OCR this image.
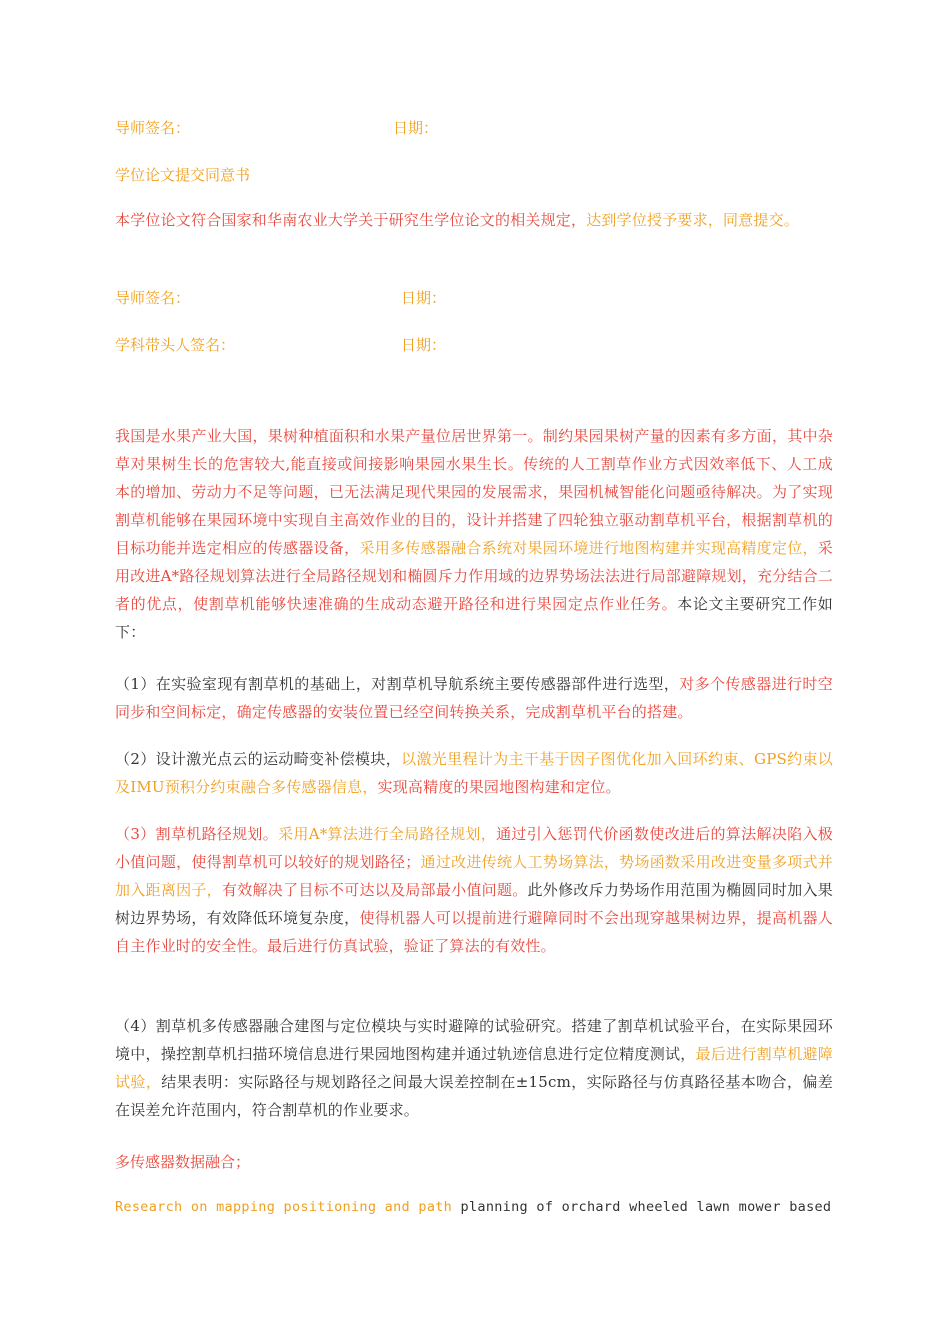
导师签名：	日期：
学位论文提交同意书
本学位论文符合国家和华南农业大学关于研究生学位论文的相关规定，达到学位授予要求，同意提交。
导师签名：	日期：
学科带头人签名：	日期：
我国是水果产业大国，果树种植面积和水果产量位居世界第一。制约果园果树产量的因素有多方面，其中杂草对果树生长的危害较大,能直接或间接影响果园水果生长。传统的人工割草作业方式因效率低下、人工成本的增加、劳动力不足等问题，已无法满足现代果园的发展需求，果园机械智能化问题亟待解决。为了实现割草机能够在果园环境中实现自主高效作业的目的，设计并搭建了四轮独立驱动割草机平台，根据割草机的目标功能并选定相应的传感器设备，采用多传感器融合系统对果园环境进行地图构建并实现高精度定位，采用改进A*路径规划算法进行全局路径规划和椭圆斥力作用域的边界势场法法进行局部避障规划，充分结合二者的优点，使割草机能够快速准确的生成动态避开路径和进行果园定点作业任务。本论文主要研究工作如下：
（1）在实验室现有割草机的基础上，对割草机导航系统主要传感器部件进行选型，对多个传感器进行时空同步和空间标定，确定传感器的安装位置已经空间转换关系，完成割草机平台的搭建。
（2）设计激光点云的运动畸变补偿模块，以激光里程计为主干基于因子图优化加入回环约束、GPS约束以及IMU预积分约束融合多传感器信息，实现高精度的果园地图构建和定位。
（3）割草机路径规划。采用A*算法进行全局路径规划，通过引入惩罚代价函数使改进后的算法解决陷入极小值问题，使得割草机可以较好的规划路径；通过改进传统人工势场算法，势场函数采用改进变量多项式并加入距离因子，有效解决了目标不可达以及局部最小值问题。此外修改斥力势场作用范围为椭圆同时加入果树边界势场，有效降低环境复杂度，使得机器人可以提前进行避障同时不会出现穿越果树边界，提高机器人自主作业时的安全性。最后进行仿真试验，验证了算法的有效性。
（4）割草机多传感器融合建图与定位模块与实时避障的试验研究。搭建了割草机试验平台，在实际果园环境中，操控割草机扫描环境信息进行果园地图构建并通过轨迹信息进行定位精度测试，最后进行割草机避障试验，结果表明：实际路径与规划路径之间最大误差控制在±15cm，实际路径与仿真路径基本吻合，偏差在误差允许范围内，符合割草机的作业要求。
多传感器数据融合；
Research on mapping positioning and path planning of orchard wheeled lawn mower based
